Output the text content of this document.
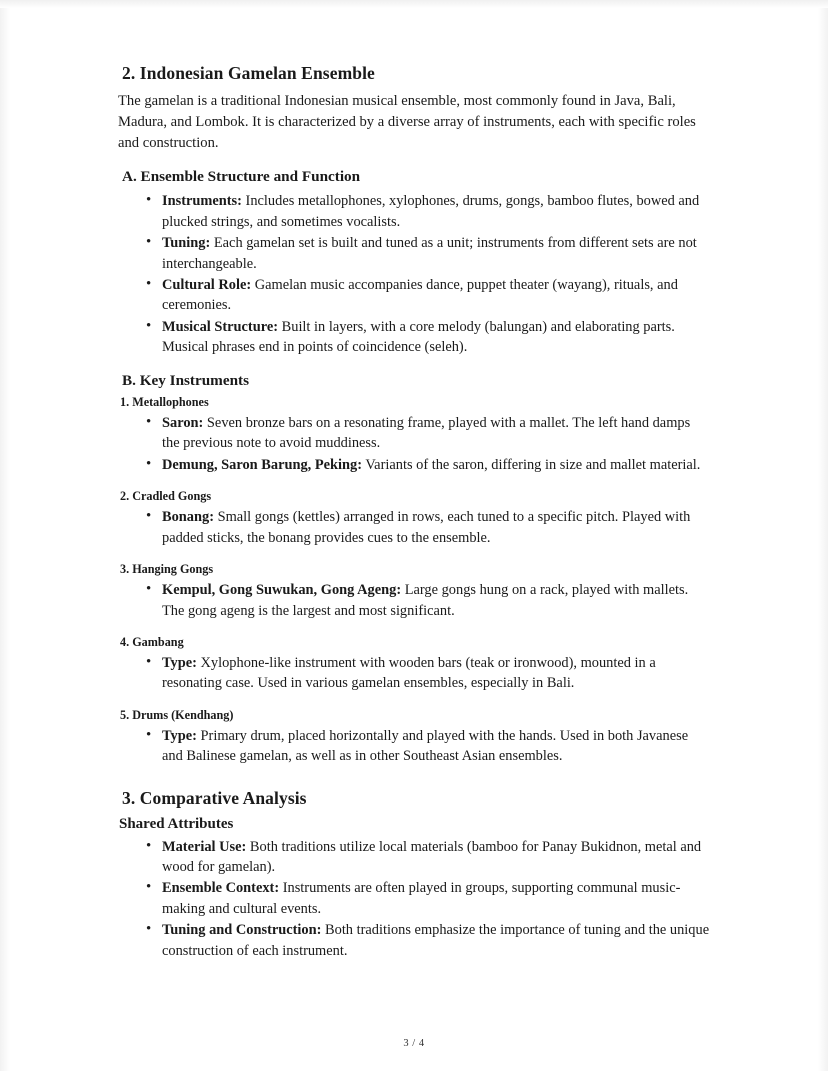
2. Indonesian Gamelan Ensemble

The gamelan is a traditional Indonesian musical ensemble, most commonly found in Java, Bali, Madura, and Lombok. It is characterized by a diverse array of instruments, each with specific roles and construction.

A. Ensemble Structure and Function
• Instruments: Includes metallophones, xylophones, drums, gongs, bamboo flutes, bowed and plucked strings, and sometimes vocalists.
• Tuning: Each gamelan set is built and tuned as a unit; instruments from different sets are not interchangeable.
• Cultural Role: Gamelan music accompanies dance, puppet theater (wayang), rituals, and ceremonies.
• Musical Structure: Built in layers, with a core melody (balungan) and elaborating parts. Musical phrases end in points of coincidence (seleh).
B. Key Instruments
1. Metallophones
• Saron: Seven bronze bars on a resonating frame, played with a mallet. The left hand damps the previous note to avoid muddiness.
• Demung, Saron Barung, Peking: Variants of the saron, differing in size and mallet material.
2. Cradled Gongs
• Bonang: Small gongs (kettles) arranged in rows, each tuned to a specific pitch. Played with padded sticks, the bonang provides cues to the ensemble.
3. Hanging Gongs
• Kempul, Gong Suwukan, Gong Ageng: Large gongs hung on a rack, played with mallets. The gong ageng is the largest and most significant.
4. Gambang
• Type: Xylophone-like instrument with wooden bars (teak or ironwood), mounted in a resonating case. Used in various gamelan ensembles, especially in Bali.
5. Drums (Kendhang)
• Type: Primary drum, placed horizontally and played with the hands. Used in both Javanese and Balinese gamelan, as well as in other Southeast Asian ensembles.
3. Comparative Analysis
Shared Attributes
• Material Use: Both traditions utilize local materials (bamboo for Panay Bukidnon, metal and wood for gamelan).
• Ensemble Context: Instruments are often played in groups, supporting communal music-making and cultural events.
• Tuning and Construction: Both traditions emphasize the importance of tuning and the unique construction of each instrument.
3 / 4
